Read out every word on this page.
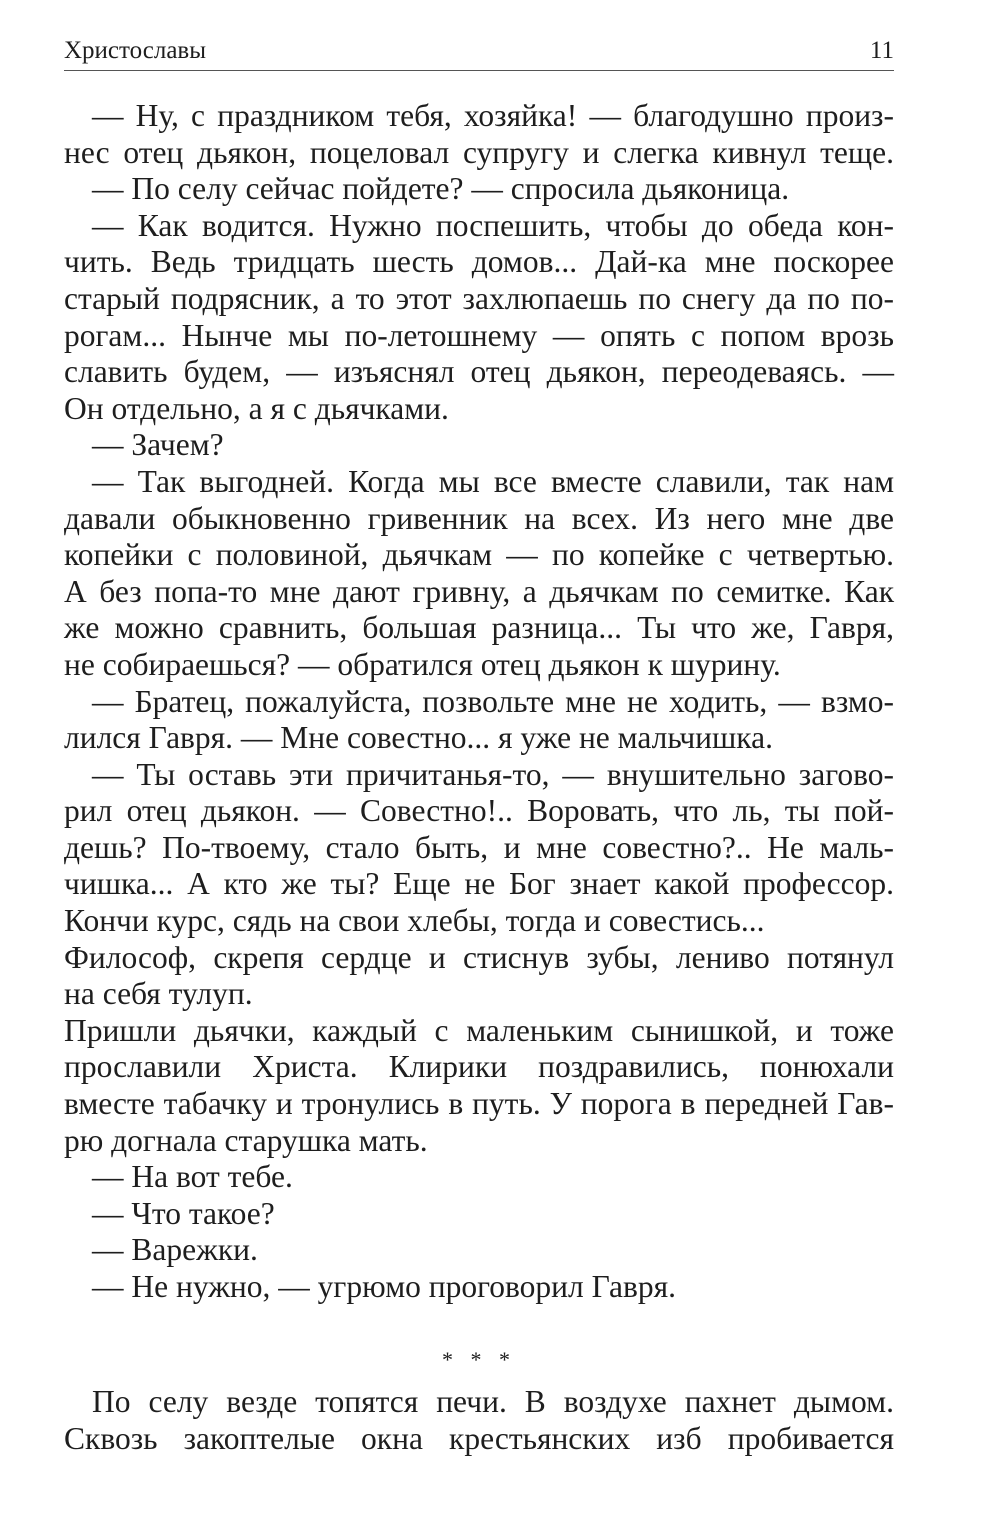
Христославы	11
— Ну, с праздником тебя, хозяйка! — благодушно произ-
нес отец дьякон, поцеловал супругу и слегка кивнул теще.
— По селу сейчас пойдете? — спросила дьяконица.
— Как водится. Нужно поспешить, чтобы до обеда кон-
чить. Ведь тридцать шесть домов... Дай-ка мне поскорее
старый подрясник, а то этот захлюпаешь по снегу да по по-
рогам... Нынче мы по-летошнему — опять с попом врозь
славить будем, — изъяснял отец дьякон, переодеваясь. —
Он отдельно, а я с дьячками.
— Зачем?
— Так выгодней. Когда мы все вместе славили, так нам
давали обыкновенно гривенник на всех. Из него мне две
копейки с половиной, дьячкам — по копейке с четвертью.
А без попа-то мне дают гривну, а дьячкам по семитке. Как
же можно сравнить, большая разница... Ты что же, Гавря,
не собираешься? — обратился отец дьякон к шурину.
— Братец, пожалуйста, позвольте мне не ходить, — взмо-
лился Гавря. — Мне совестно... я уже не мальчишка.
— Ты оставь эти причитанья-то, — внушительно загово-
рил отец дьякон. — Совестно!.. Воровать, что ль, ты пой-
дешь? По-твоему, стало быть, и мне совестно?.. Не маль-
чишка... А кто же ты? Еще не Бог знает какой профессор.
Кончи курс, сядь на свои хлебы, тогда и совестись...
Философ, скрепя сердце и стиснув зубы, лениво потянул
на себя тулуп.
Пришли дьячки, каждый с маленьким сынишкой, и тоже
прославили Христа. Клирики поздравились, понюхали
вместе табачку и тронулись в путь. У порога в передней Гав-
рю догнала старушка мать.
— На вот тебе.
— Что такое?
— Варежки.
— Не нужно, — угрюмо проговорил Гавря.
* * *
По селу везде топятся печи. В воздухе пахнет дымом.
Сквозь закоптелые окна крестьянских изб пробивается
